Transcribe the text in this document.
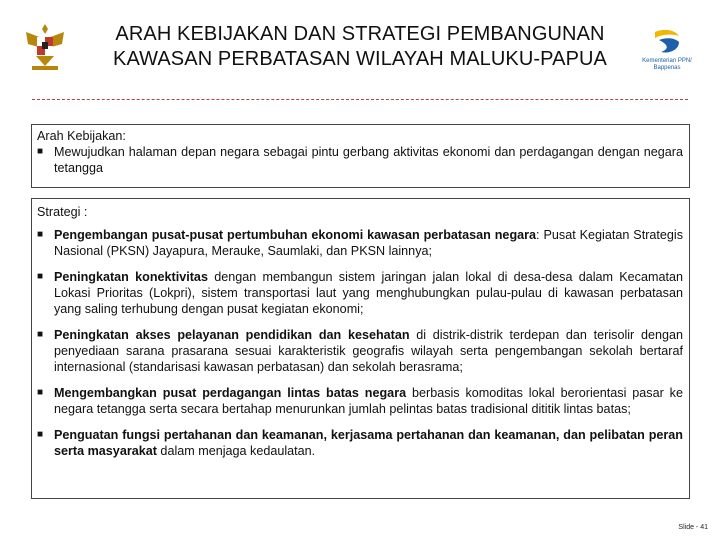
ARAH KEBIJAKAN DAN STRATEGI PEMBANGUNAN
KAWASAN PERBATASAN WILAYAH MALUKU-PAPUA	Kementerian PPN/
Bappenas

Arah Kebijakan:

■ Mewujudkan halaman depan negara sebagai pintu gerbang aktivitas ekonomi dan perdagangan dengan negara tetangga

Strategi :

■ Pengembangan pusat-pusat pertumbuhan ekonomi kawasan perbatasan negara: Pusat Kegiatan Strategis Nasional (PKSN) Jayapura, Merauke, Saumlaki, dan PKSN lainnya;
■ Peningkatan konektivitas dengan membangun sistem jaringan jalan lokal di desa-desa dalam Kecamatan Lokasi Prioritas (Lokpri), sistem transportasi laut yang menghubungkan pulau-pulau di kawasan perbatasan yang saling terhubung dengan pusat kegiatan ekonomi;
■ Peningkatan akses pelayanan pendidikan dan kesehatan di distrik-distrik terdepan dan terisolir dengan penyediaan sarana prasarana sesuai karakteristik geografis wilayah serta pengembangan sekolah bertaraf internasional (standarisasi kawasan perbatasan) dan sekolah berasrama;
■ Mengembangkan pusat perdagangan lintas batas negara berbasis komoditas lokal berorientasi pasar ke negara tetangga serta secara bertahap menurunkan jumlah pelintas batas tradisional dititik lintas batas;
■ Penguatan fungsi pertahanan dan keamanan, kerjasama pertahanan dan keamanan, dan pelibatan peran serta masyarakat dalam menjaga kedaulatan.
Slide - 41
